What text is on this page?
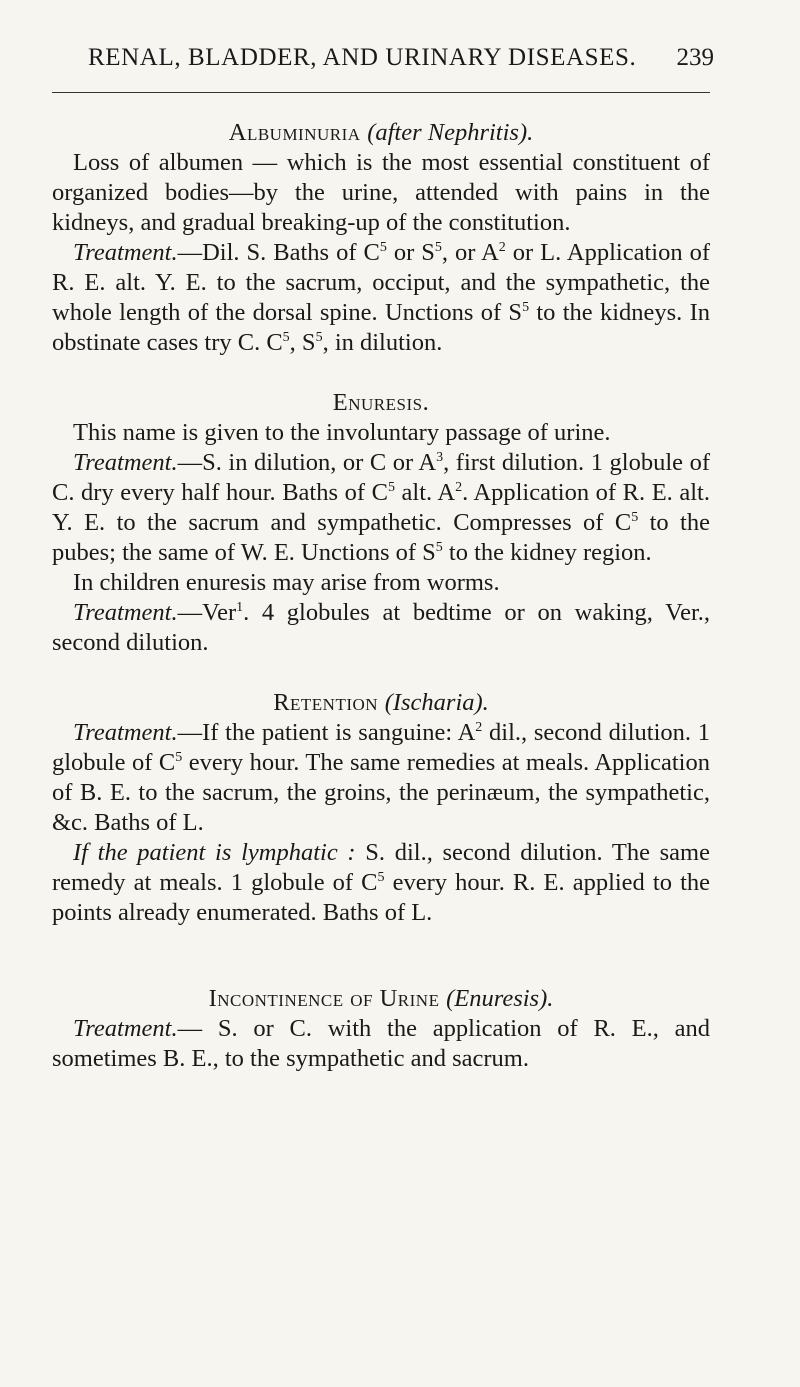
RENAL, BLADDER, AND URINARY DISEASES. 239

Albuminuria (after Nephritis).

Loss of albumen — which is the most essential constituent of organized bodies—by the urine, attended with pains in the kidneys, and gradual breaking-up of the constitution.

Treatment.—Dil. S. Baths of $C^5$ or $S^5$, or $A^2$ or L. Application of R. E. alt. Y. E. to the sacrum, occiput, and the sympathetic, the whole length of the dorsal spine. Unctions of $S^5$ to the kidneys. In obstinate cases try C. $C^5$, $S^5$, in dilution.

Enuresis.

This name is given to the involuntary passage of urine.

Treatment.—S. in dilution, or C or $A^3$, first dilution. 1 globule of C. dry every half hour. Baths of $C^5$ alt. $A^2$. Application of R. E. alt. Y. E. to the sacrum and sympathetic. Compresses of $C^5$ to the pubes; the same of W. E. Unctions of $S^5$ to the kidney region.

In children enuresis may arise from worms.

Treatment.—Ver$^1$. 4 globules at bedtime or on waking, Ver., second dilution.

Retention (Ischaria).

Treatment.—If the patient is sanguine: $A^2$ dil., second dilution. 1 globule of $C^5$ every hour. The same remedies at meals. Application of B. E. to the sacrum, the groins, the perinæum, the sympathetic, &c. Baths of L.

If the patient is lymphatic : S. dil., second dilution. The same remedy at meals. 1 globule of $C^5$ every hour. R. E. applied to the points already enumerated. Baths of L.

Incontinence of Urine (Enuresis).

Treatment.— S. or C. with the application of R. E., and sometimes B. E., to the sympathetic and sacrum.
